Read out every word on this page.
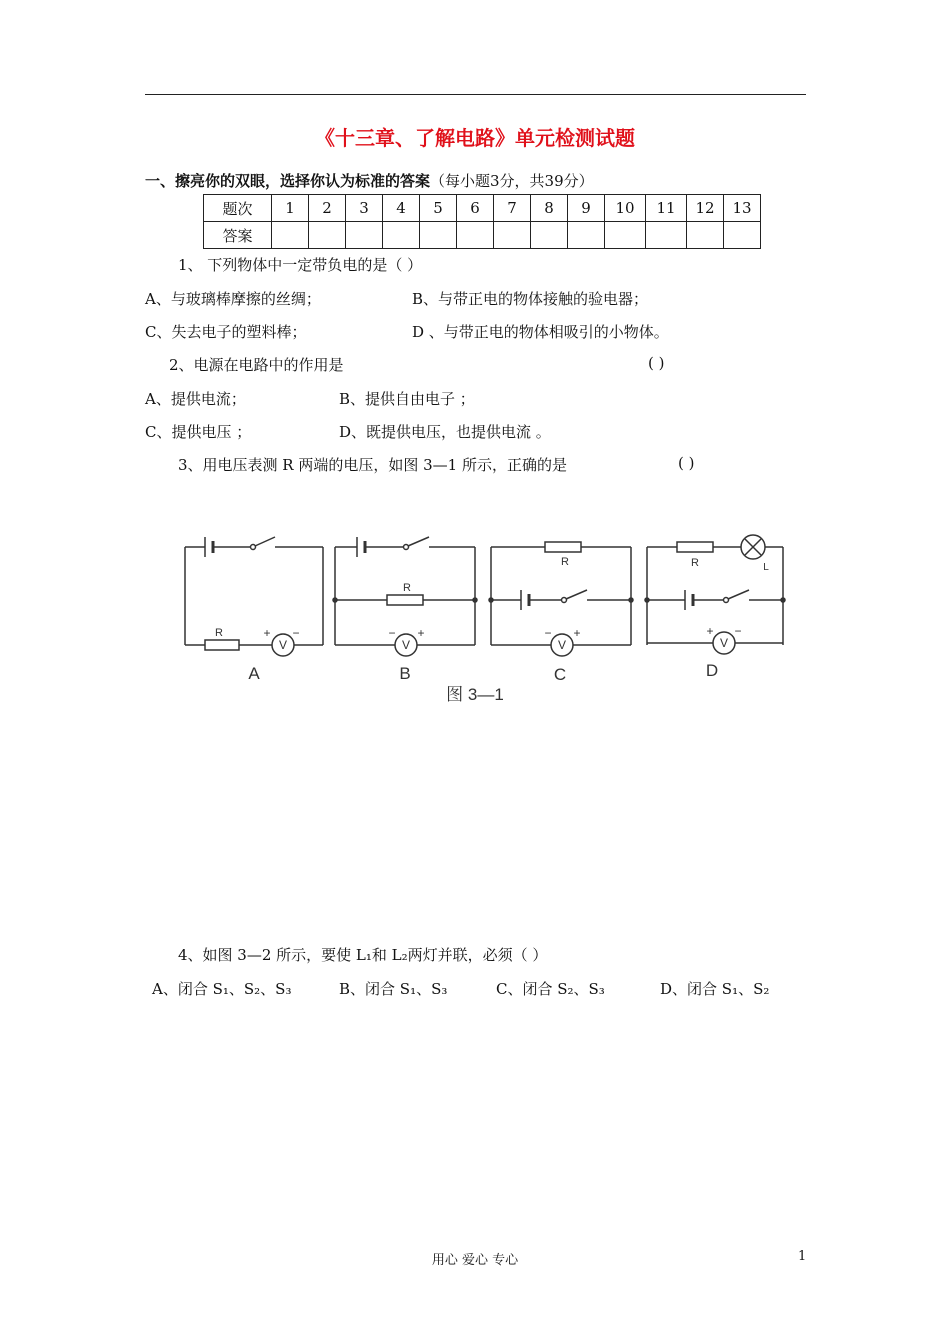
《十三章、了解电路》单元检测试题
一、擦亮你的双眼，选择你认为标准的答案（每小题3分，共39分）
题次	1	2	3	4	5	6	7	8	9	10	11	12	13
答案													
1、 下列物体中一定带负电的是（ ）
A、与玻璃棒摩擦的丝绸；	B、与带正电的物体接触的验电器；
C、失去电子的塑料棒；	D 、与带正电的物体相吸引的小物体。
2、电源在电路中的作用是	( )
A、提供电流；	B、提供自由电子 ；
C、提供电压 ；	D、既提供电压，也提供电流 。
3、用电压表测 R 两端的电压，如图 3—1 所示，正确的是	( )
R
V
+ −
R
V
− +
R
V
− +
R	L
V
+ −
A	B	C	D
图 3—1
4、如图 3—2 所示，要使 L₁和 L₂两灯并联，必须（ ）
A、闭合 S₁、S₂、S₃	B、闭合 S₁、S₃	C、闭合 S₂、S₃	D、闭合 S₁、S₂
用心 爱心 专心	1
